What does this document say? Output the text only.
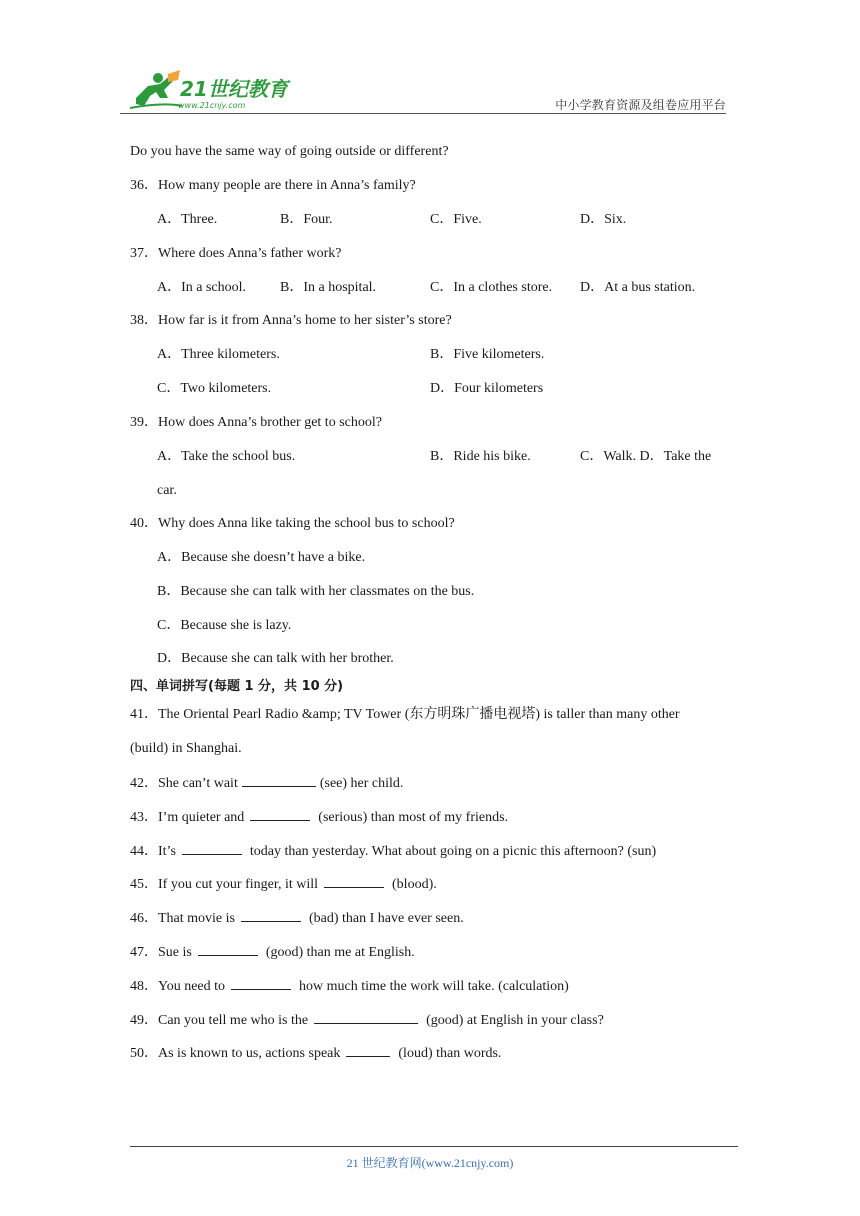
21世纪教育
www.21cnjy.com	中小学教育资源及组卷应用平台
Do you have the same way of going outside or different?
36．How many people are there in Anna’s family?
A．Three.	B．Four.	C．Five.	D．Six.
37．Where does Anna’s father work?
A．In a school. B．In a hospital.	C．In a clothes store. D．At a bus station.
38．How far is it from Anna’s home to her sister’s store?
A．Three kilometers.	B．Five kilometers.
C．Two kilometers.	D．Four kilometers
39．How does Anna’s brother get to school?
A．Take the school bus.	B．Ride his bike.	C．Walk. D．Take the
car.
40．Why does Anna like taking the school bus to school?
A．Because she doesn’t have a bike.
B．Because she can talk with her classmates on the bus.
C．Because she is lazy.
D．Because she can talk with her brother.
四、单词拼写(每题 1 分，共 10 分)
41．The Oriental Pearl Radio &amp; TV Tower (东方明珠广播电视塔) is taller than many other
(build) in Shanghai.
42．She can’t wait	(see) her child.
43．I’m quieter and	(serious) than most of my friends.
44．It’s	today than yesterday. What about going on a picnic this afternoon? (sun)
45．If you cut your finger, it will	(blood).
46．That movie is	(bad) than I have ever seen.
47．Sue is	(good) than me at English.
48．You need to	how much time the work will take. (calculation)
49．Can you tell me who is the	(good) at English in your class?
50．As is known to us, actions speak	(loud) than words.
21 世纪教育网(www.21cnjy.com)
